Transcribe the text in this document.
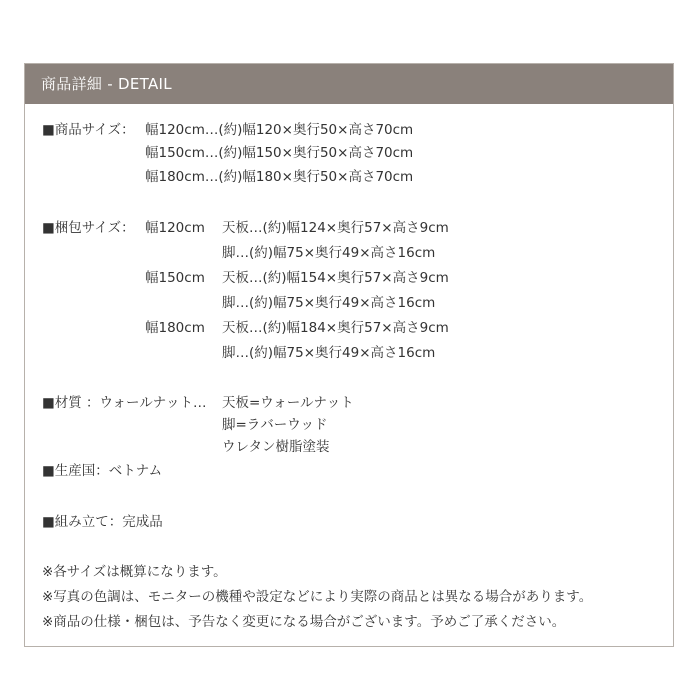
商品詳細 - DETAIL
■商品サイズ： 幅120cm…(約)幅120×奥行50×高さ70cm
幅150cm…(約)幅150×奥行50×高さ70cm
幅180cm…(約)幅180×奥行50×高さ70cm
■梱包サイズ： 幅120cm 天板…(約)幅124×奥行57×高さ9cm
脚…(約)幅75×奥行49×高さ16cm
幅150cm 天板…(約)幅154×奥行57×高さ9cm
脚…(約)幅75×奥行49×高さ16cm
幅180cm 天板…(約)幅184×奥行57×高さ9cm
脚…(約)幅75×奥行49×高さ16cm
■材質 ：ウォールナット… 天板=ウォールナット
脚=ラバーウッド
ウレタン樹脂塗装
■生産国：ベトナム
■組み立て：完成品
※各サイズは概算になります。
※写真の色調は、モニターの機種や設定などにより実際の商品とは異なる場合があります。
※商品の仕様・梱包は、予告なく変更になる場合がございます。予めご了承ください。
